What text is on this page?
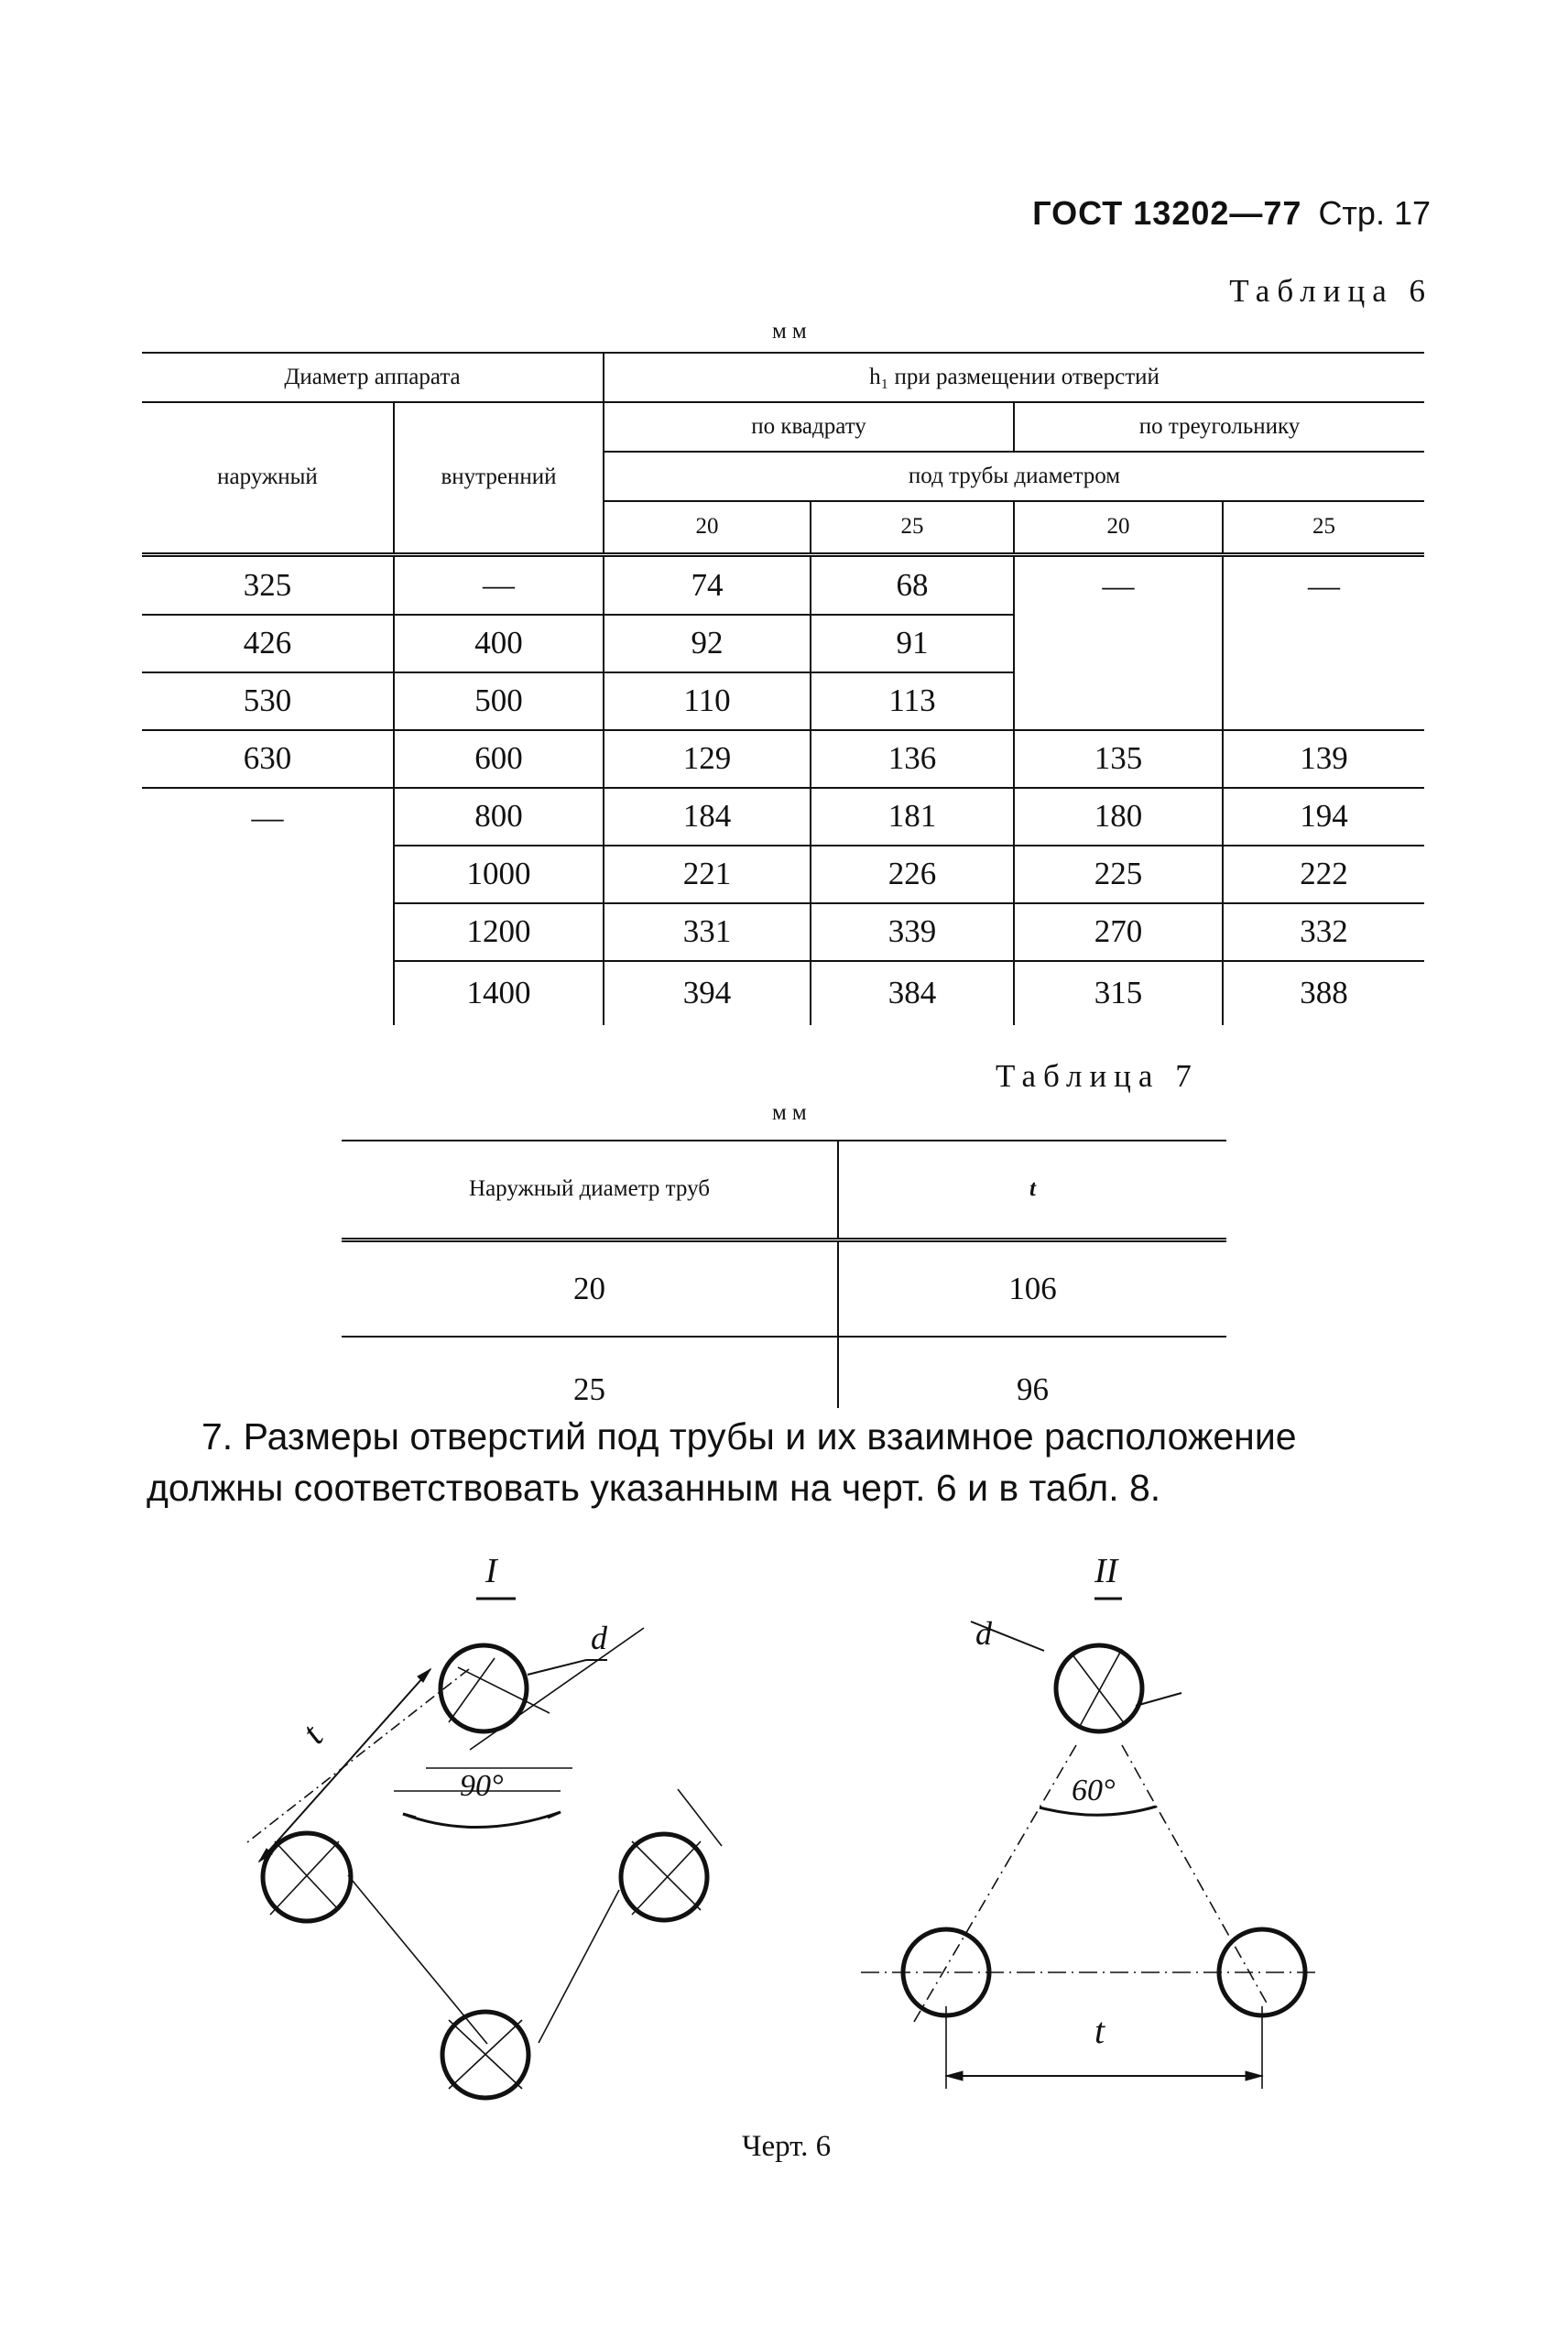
ГОСТ 13202—77 Стр. 17
Таблица 6
мм
Диаметр аппарата		h₁ при размещении отверстий			
наружный	внутренний	по квадрату		по треугольнику	
		под трубы диаметром			
		20	25	20	25

325	—	74	68	—	—
426	400	92	91		
530	500	110	113		
630	600	129	136	135	139
—	800	184	181	180	194
	1000	221	226	225	222
	1200	331	339	270	332
	1400	394	384	315	388
Таблица 7
мм
Наружный диаметр труб	t
20	106
25	96
7. Размеры отверстий под трубы и их взаимное расположение должны соответствовать указанным на черт. 6 и в табл. 8.
I	II
d	d
t
t
90°	60°
Черт. 6
